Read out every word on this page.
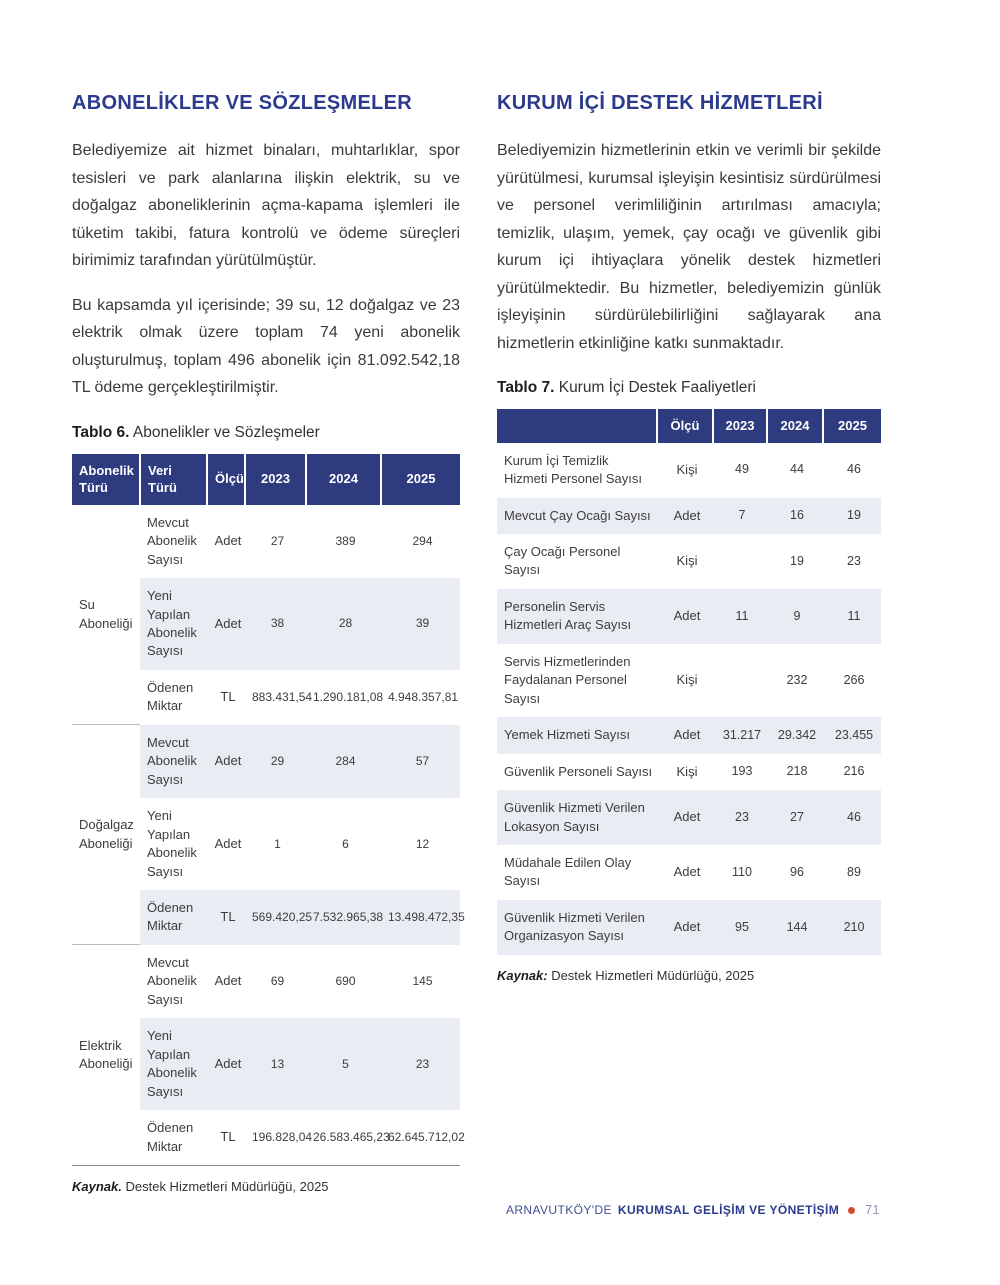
ABONELİKLER VE SÖZLEŞMELER

Belediyemize ait hizmet binaları, muhtarlıklar, spor tesisleri ve park alanlarına ilişkin elektrik, su ve doğalgaz aboneliklerinin açma-kapama işlemleri ile tüketim takibi, fatura kontrolü ve ödeme süreçleri birimimiz tarafından yürütülmüştür.

Bu kapsamda yıl içerisinde; 39 su, 12 doğalgaz ve 23 elektrik olmak üzere toplam 74 yeni abonelik oluşturulmuş, toplam 496 abonelik için 81.092.542,18 TL ödeme gerçekleştirilmiştir.

Tablo 6. Abonelikler ve Sözleşmeler

Abonelik Türü	Veri Türü	Ölçü	2023	2024	2025
Su Aboneliği	Mevcut Abonelik Sayısı	Adet	27	389	294
	Yeni Yapılan Abonelik Sayısı	Adet	38	28	39
	Ödenen Miktar	TL	883.431,54	1.290.181,08	4.948.357,81
Doğalgaz Aboneliği	Mevcut Abonelik Sayısı	Adet	29	284	57
	Yeni Yapılan Abonelik Sayısı	Adet	1	6	12
	Ödenen Miktar	TL	569.420,25	7.532.965,38	13.498.472,35
Elektrik Aboneliği	Mevcut Abonelik Sayısı	Adet	69	690	145
	Yeni Yapılan Abonelik Sayısı	Adet	13	5	23
	Ödenen Miktar	TL	196.828,04	26.583.465,23	62.645.712,02

Kaynak. Destek Hizmetleri Müdürlüğü, 2025

KURUM İÇİ DESTEK HİZMETLERİ

Belediyemizin hizmetlerinin etkin ve verimli bir şekilde yürütülmesi, kurumsal işleyişin kesintisiz sürdürülmesi ve personel verimliliğinin artırılması amacıyla; temizlik, ulaşım, yemek, çay ocağı ve güvenlik gibi kurum içi ihtiyaçlara yönelik destek hizmetleri yürütülmektedir. Bu hizmetler, belediyemizin günlük işleyişinin sürdürülebilirliğini sağlayarak ana hizmetlerin etkinliğine katkı sunmaktadır.

Tablo 7. Kurum İçi Destek Faaliyetleri

	Ölçü	2023	2024	2025
Kurum İçi Temizlik Hizmeti Personel Sayısı	Kişi	49	44	46
Mevcut Çay Ocağı Sayısı	Adet	7	16	19
Çay Ocağı Personel Sayısı	Kişi		19	23
Personelin Servis Hizmetleri Araç Sayısı	Adet	11	9	11
Servis Hizmetlerinden Faydalanan Personel Sayısı	Kişi		232	266
Yemek Hizmeti Sayısı	Adet	31.217	29.342	23.455
Güvenlik Personeli Sayısı	Kişi	193	218	216
Güvenlik Hizmeti Verilen Lokasyon Sayısı	Adet	23	27	46
Müdahale Edilen Olay Sayısı	Adet	110	96	89
Güvenlik Hizmeti Verilen Organizasyon Sayısı	Adet	95	144	210

Kaynak: Destek Hizmetleri Müdürlüğü, 2025

ARNAVUTKÖY'DE KURUMSAL GELİŞİM VE YÖNETİŞİM 71
